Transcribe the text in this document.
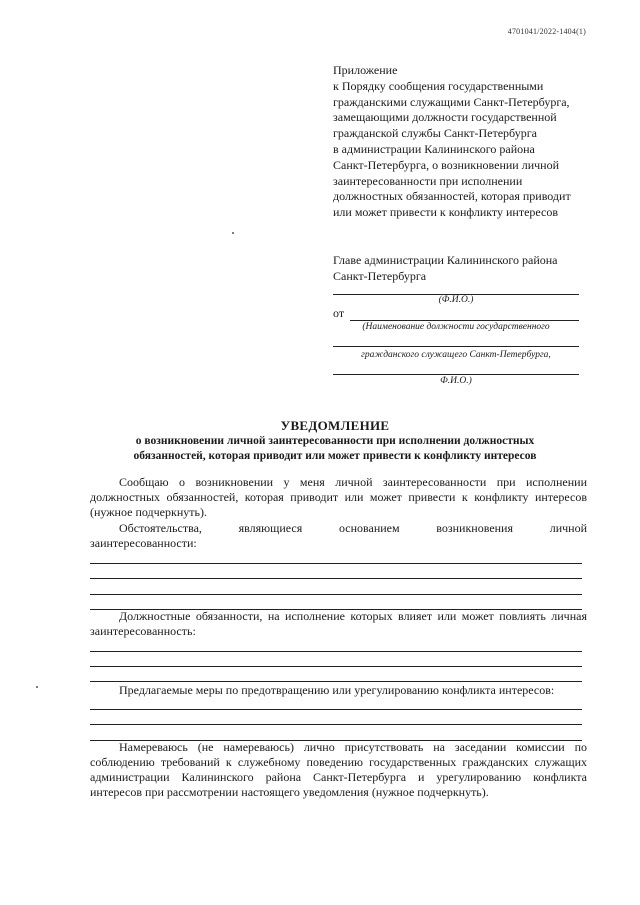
4701041/2022-1404(1)
Приложение
к Порядку сообщения государственными
гражданскими служащими Санкт-Петербурга,
замещающими должности государственной
гражданской службы Санкт-Петербурга
в администрации Калининского района
Санкт-Петербурга, о возникновении личной
заинтересованности при исполнении
должностных обязанностей, которая приводит
или может привести к конфликту интересов
Главе администрации Калининского района
Санкт-Петербурга
(Ф.И.О.)
от
(Наименование должности государственного
гражданского служащего Санкт-Петербурга,
Ф.И.О.)
УВЕДОМЛЕНИЕ
о возникновении личной заинтересованности при исполнении должностных
обязанностей, которая приводит или может привести к конфликту интересов
Сообщаю о возникновении у меня личной заинтересованности при исполнении должностных обязанностей, которая приводит или может привести к конфликту интересов (нужное подчеркнуть).
Обстоятельства, являющиеся основанием возникновения личной
заинтересованности:
Должностные обязанности, на исполнение которых влияет или может повлиять личная заинтересованность:
Предлагаемые меры по предотвращению или урегулированию конфликта интересов:
Намереваюсь (не намереваюсь) лично присутствовать на заседании комиссии по соблюдению требований к служебному поведению государственных гражданских служащих администрации Калининского района Санкт-Петербурга и урегулированию конфликта интересов при рассмотрении настоящего уведомления (нужное подчеркнуть).
